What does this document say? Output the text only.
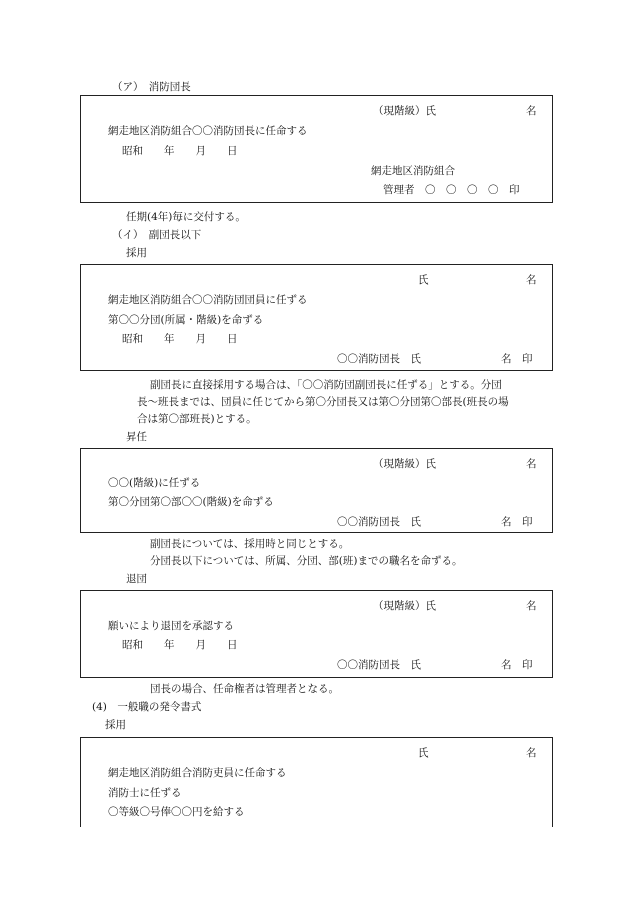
（ア）　消防団長
（現階級）氏	名
網走地区消防組合〇〇消防団長に任命する
昭和　　年　　月　　日
網走地区消防組合
管理者　〇　〇　〇　〇　印
任期(4年)毎に交付する。
（イ）　副団長以下
採用
氏	名
網走地区消防組合〇〇消防団団員に任ずる
第〇〇分団(所属・階級)を命ずる
昭和　　年　　月　　日
〇〇消防団長　氏	名　印
副団長に直接採用する場合は、「〇〇消防団副団長に任ずる」とする。分団
長～班長までは、団員に任じてから第〇分団長又は第〇分団第〇部長(班長の場
合は第〇部班長)とする。
昇任
（現階級）氏	名
〇〇(階級)に任ずる
第〇分団第〇部〇〇(階級)を命ずる
〇〇消防団長　氏	名　印
副団長については、採用時と同じとする。
分団長以下については、所属、分団、部(班)までの職名を命ずる。
退団
（現階級）氏	名
願いにより退団を承認する
昭和　　年　　月　　日
〇〇消防団長　氏	名　印
団長の場合、任命権者は管理者となる。
(4)　一般職の発令書式
採用
氏	名
網走地区消防組合消防吏員に任命する
消防士に任ずる
〇等級〇号俸〇〇円を給する
